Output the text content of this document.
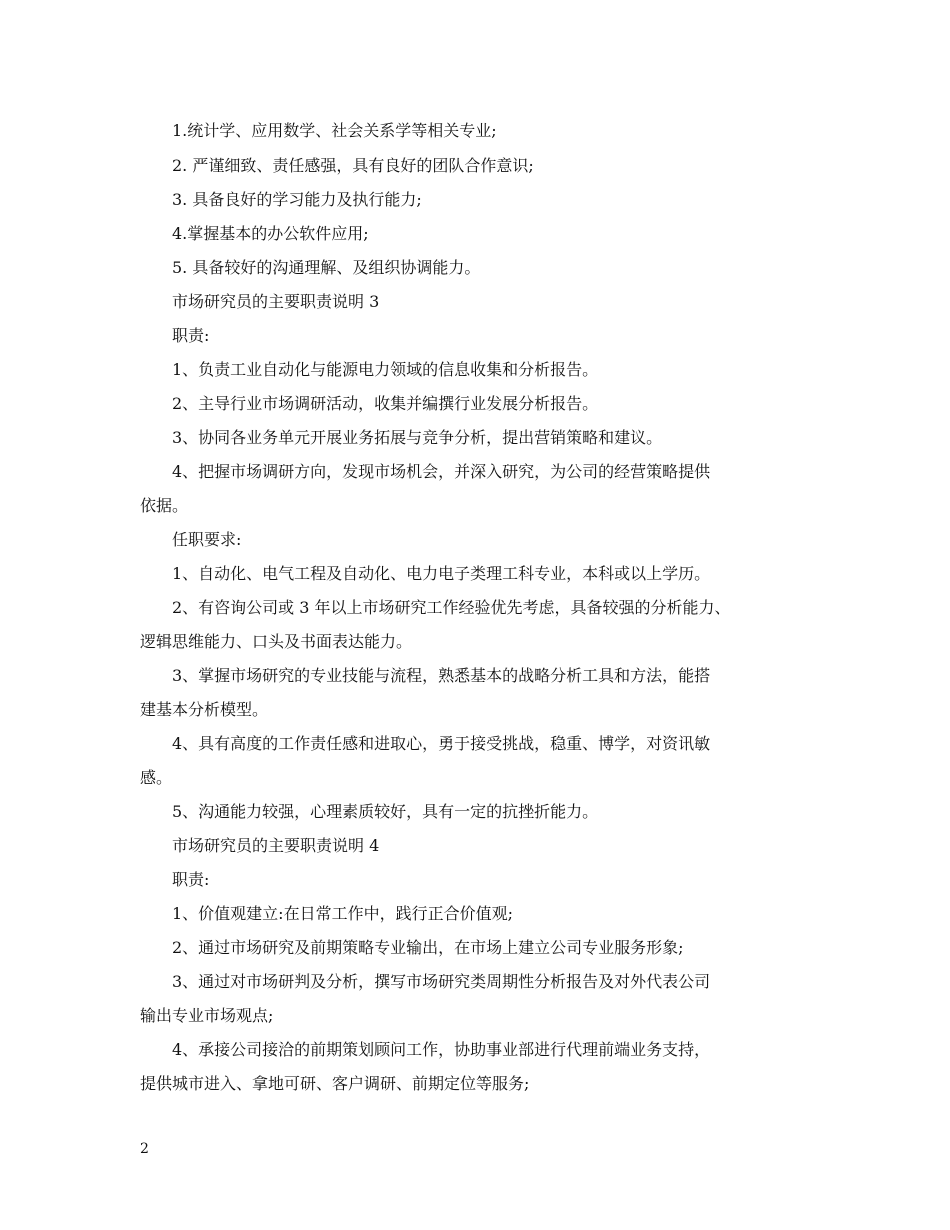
1.统计学、应用数学、社会关系学等相关专业;
2. 严谨细致、责任感强，具有良好的团队合作意识;
3. 具备良好的学习能力及执行能力;
4.掌握基本的办公软件应用;
5. 具备较好的沟通理解、及组织协调能力。
市场研究员的主要职责说明 3
职责:
1、负责工业自动化与能源电力领域的信息收集和分析报告。
2、主导行业市场调研活动，收集并编撰行业发展分析报告。
3、协同各业务单元开展业务拓展与竞争分析，提出营销策略和建议。
4、把握市场调研方向，发现市场机会，并深入研究，为公司的经营策略提供
依据。
任职要求:
1、自动化、电气工程及自动化、电力电子类理工科专业，本科或以上学历。
2、有咨询公司或 3 年以上市场研究工作经验优先考虑，具备较强的分析能力、
逻辑思维能力、口头及书面表达能力。
3、掌握市场研究的专业技能与流程，熟悉基本的战略分析工具和方法，能搭
建基本分析模型。
4、具有高度的工作责任感和进取心，勇于接受挑战，稳重、博学，对资讯敏
感。
5、沟通能力较强，心理素质较好，具有一定的抗挫折能力。
市场研究员的主要职责说明 4
职责:
1、价值观建立:在日常工作中，践行正合价值观;
2、通过市场研究及前期策略专业输出，在市场上建立公司专业服务形象;
3、通过对市场研判及分析，撰写市场研究类周期性分析报告及对外代表公司
输出专业市场观点;
4、承接公司接洽的前期策划顾问工作，协助事业部进行代理前端业务支持，
提供城市进入、拿地可研、客户调研、前期定位等服务;
2
